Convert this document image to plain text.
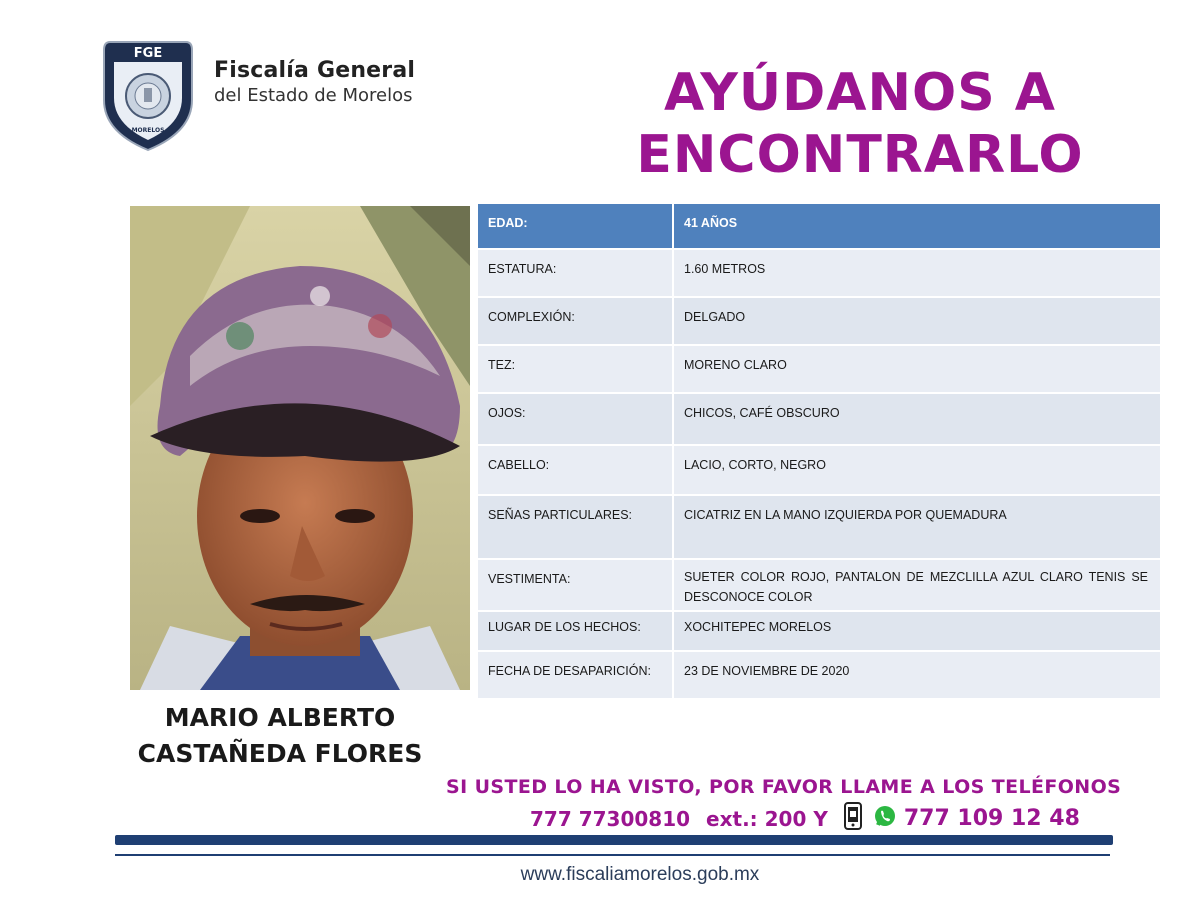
FGE
MORELOS
Fiscalía General
del Estado de Morelos	AYÚDANOS A
ENCONTRARLO
MARIO ALBERTO
CASTAÑEDA FLORES
EDAD:	41 AÑOS
ESTATURA:	1.60 METROS
COMPLEXIÓN:	DELGADO
TEZ:	MORENO CLARO
OJOS:	CHICOS, CAFÉ OBSCURO
CABELLO:	LACIO, CORTO, NEGRO
SEÑAS PARTICULARES:	CICATRIZ EN LA MANO IZQUIERDA POR QUEMADURA
VESTIMENTA:	SUETER COLOR ROJO, PANTALON DE MEZCLILLA AZUL CLARO TENIS SE DESCONOCE COLOR
LUGAR DE LOS HECHOS:	XOCHITEPEC MORELOS
FECHA DE DESAPARICIÓN:	23 DE NOVIEMBRE DE 2020
SI USTED LO HA VISTO, POR FAVOR LLAME A LOS TELÉFONOS
777 77300810 ext.: 200 Y	777 109 12 48
www.fiscaliamorelos.gob.mx
